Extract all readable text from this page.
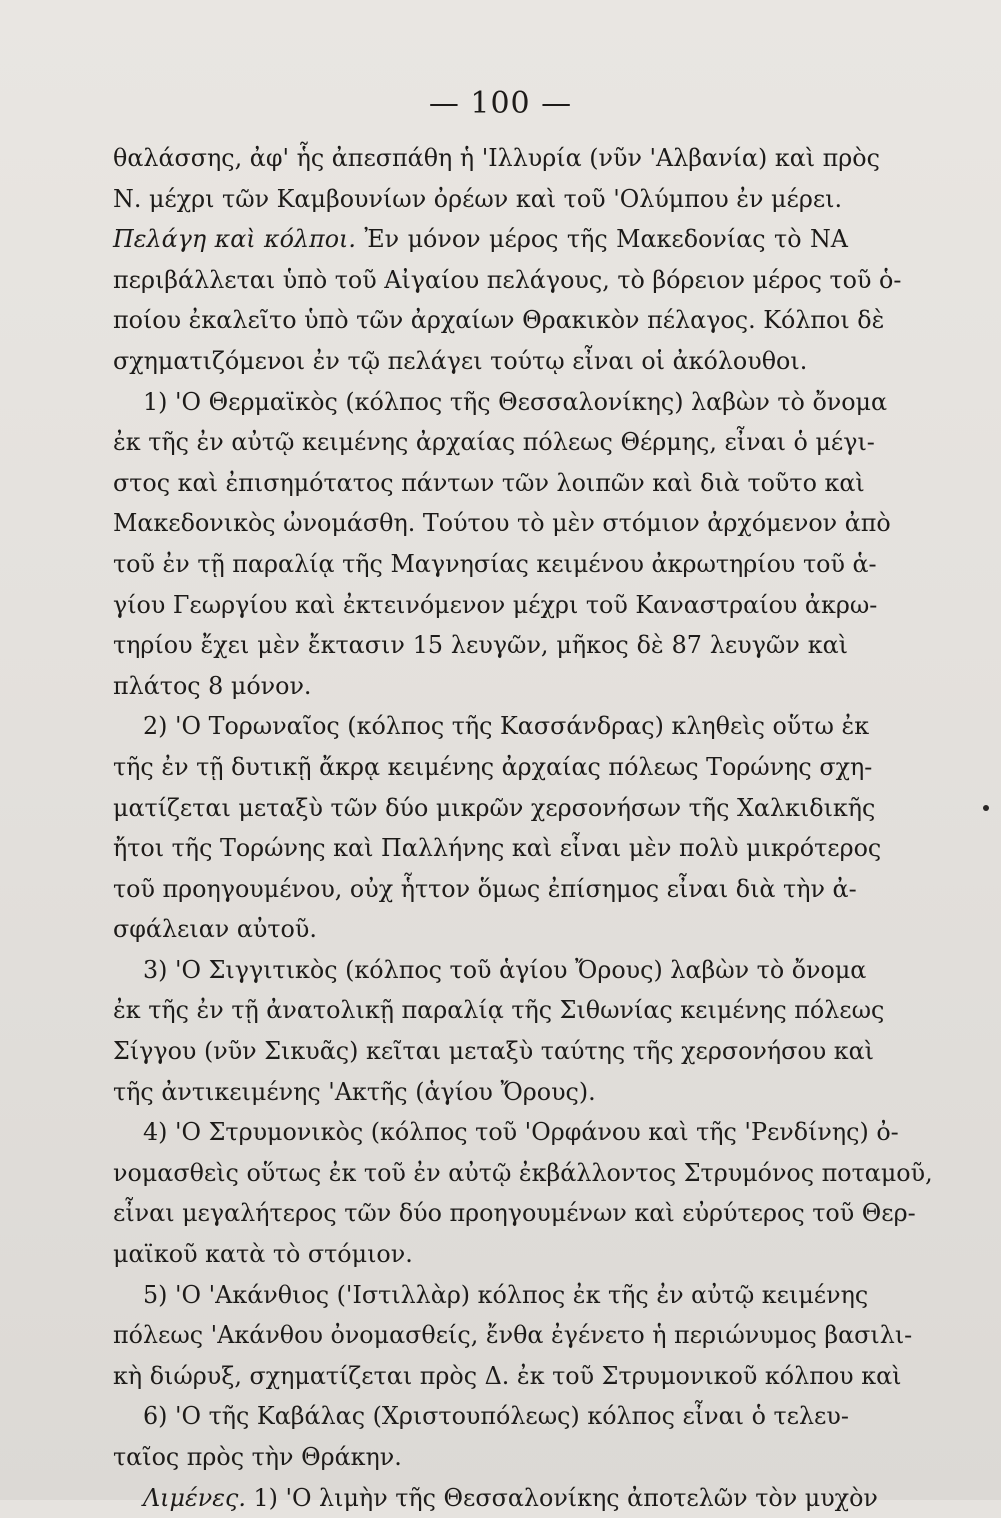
— 100 —
θαλάσσης, ἀφ' ἧς ἀπεσπάθη ἡ 'Ιλλυρία (νῦν 'Αλβανία) καὶ πρὸς
Ν. μέχρι τῶν Καμβουνίων ὀρέων καὶ τοῦ 'Ολύμπου ἐν μέρει.
Πελάγη καὶ κόλποι. Ἐν μόνον μέρος τῆς Μακεδονίας τὸ ΝΑ
περιβάλλεται ὑπὸ τοῦ Αἰγαίου πελάγους, τὸ βόρειον μέρος τοῦ ὁ-
ποίου ἐκαλεῖτο ὑπὸ τῶν ἀρχαίων Θρακικὸν πέλαγος. Κόλποι δὲ
σχηματιζόμενοι ἐν τῷ πελάγει τούτῳ εἶναι οἱ ἀκόλουθοι.
1) 'Ο Θερμαϊκὸς (κόλπος τῆς Θεσσαλονίκης) λαβὼν τὸ ὄνομα
ἐκ τῆς ἐν αὐτῷ κειμένης ἀρχαίας πόλεως Θέρμης, εἶναι ὁ μέγι-
στος καὶ ἐπισημότατος πάντων τῶν λοιπῶν καὶ διὰ τοῦτο καὶ
Μακεδονικὸς ὠνομάσθη. Τούτου τὸ μὲν στόμιον ἀρχόμενον ἀπὸ
τοῦ ἐν τῇ παραλίᾳ τῆς Μαγνησίας κειμένου ἀκρωτηρίου τοῦ ἁ-
γίου Γεωργίου καὶ ἐκτεινόμενον μέχρι τοῦ Καναστραίου ἀκρω-
τηρίου ἔχει μὲν ἔκτασιν 15 λευγῶν, μῆκος δὲ 87 λευγῶν καὶ
πλάτος 8 μόνον.
2) 'Ο Τορωναῖος (κόλπος τῆς Κασσάνδρας) κληθεὶς οὕτω ἐκ
τῆς ἐν τῇ δυτικῇ ἄκρᾳ κειμένης ἀρχαίας πόλεως Τορώνης σχη-
ματίζεται μεταξὺ τῶν δύο μικρῶν χερσονήσων τῆς Χαλκιδικῆς
ἤτοι τῆς Τορώνης καὶ Παλλήνης καὶ εἶναι μὲν πολὺ μικρότερος
τοῦ προηγουμένου, οὐχ ἧττον ὅμως ἐπίσημος εἶναι διὰ τὴν ἀ-
σφάλειαν αὐτοῦ.
3) 'Ο Σιγγιτικὸς (κόλπος τοῦ ἁγίου Ὄρους) λαβὼν τὸ ὄνομα
ἐκ τῆς ἐν τῇ ἀνατολικῇ παραλίᾳ τῆς Σιθωνίας κειμένης πόλεως
Σίγγου (νῦν Σικυᾶς) κεῖται μεταξὺ ταύτης τῆς χερσονήσου καὶ
τῆς ἀντικειμένης 'Ακτῆς (ἁγίου Ὄρους).
4) 'Ο Στρυμονικὸς (κόλπος τοῦ 'Ορφάνου καὶ τῆς 'Ρενδίνης) ὀ-
νομασθεὶς οὕτως ἐκ τοῦ ἐν αὐτῷ ἐκβάλλοντος Στρυμόνος ποταμοῦ,
εἶναι μεγαλήτερος τῶν δύο προηγουμένων καὶ εὐρύτερος τοῦ Θερ-
μαϊκοῦ κατὰ τὸ στόμιον.
5) 'Ο 'Ακάνθιος ('Ιστιλλὰρ) κόλπος ἐκ τῆς ἐν αὐτῷ κειμένης
πόλεως 'Ακάνθου ὀνομασθείς, ἔνθα ἐγένετο ἡ περιώνυμος βασιλι-
κὴ διώρυξ, σχηματίζεται πρὸς Δ. ἐκ τοῦ Στρυμονικοῦ κόλπου καὶ
6) 'Ο τῆς Καβάλας (Χριστουπόλεως) κόλπος εἶναι ὁ τελευ-
ταῖος πρὸς τὴν Θράκην.
Λιμένες. 1) 'Ο λιμὴν τῆς Θεσσαλονίκης ἀποτελῶν τὸν μυχὸν
